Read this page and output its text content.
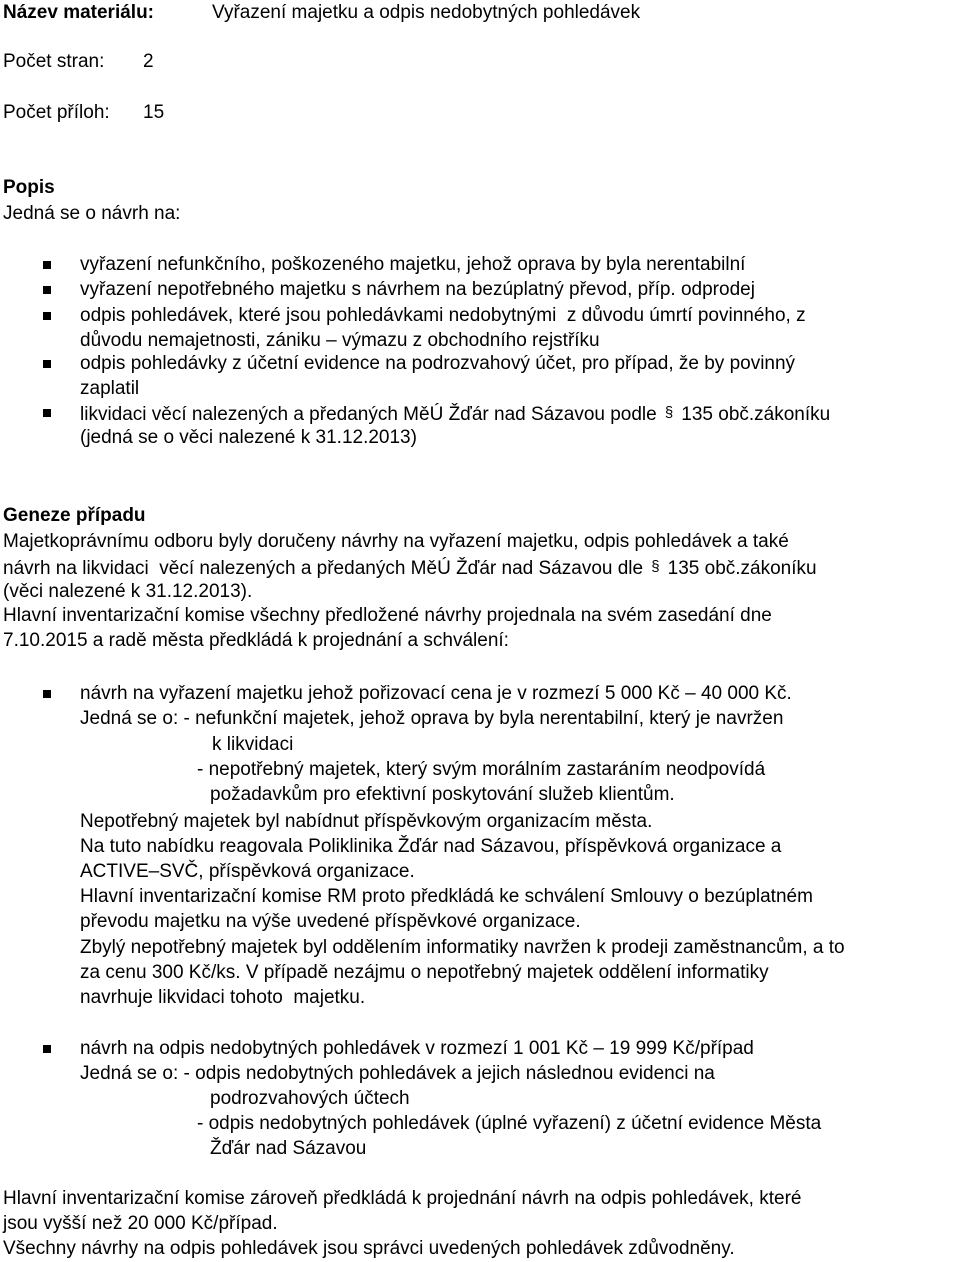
Název materiálu:	Vyřazení majetku a odpis nedobytných pohledávek
Počet stran: 2
Počet příloh: 15
Popis
Jedná se o návrh na:
vyřazení nefunkčního, poškozeného majetku, jehož oprava by byla nerentabilní
vyřazení nepotřebného majetku s návrhem na bezúplatný převod, příp. odprodej
odpis pohledávek, které jsou pohledávkami nedobytnými  z důvodu úmrtí povinného, z
důvodu nemajetnosti, zániku – výmazu z obchodního rejstříku
odpis pohledávky z účetní evidence na podrozvahový účet, pro případ, že by povinný
zaplatil
likvidaci věcí nalezených a předaných MěÚ Žďár nad Sázavou podle § 135 obč.zákoníku
(jedná se o věci nalezené k 31.12.2013)
Geneze případu
Majetkoprávnímu odboru byly doručeny návrhy na vyřazení majetku, odpis pohledávek a také
návrh na likvidaci  věcí nalezených a předaných MěÚ Žďár nad Sázavou dle § 135 obč.zákoníku
(věci nalezené k 31.12.2013).
Hlavní inventarizační komise všechny předložené návrhy projednala na svém zasedání dne
7.10.2015 a radě města předkládá k projednání a schválení:
návrh na vyřazení majetku jehož pořizovací cena je v rozmezí 5 000 Kč – 40 000 Kč.
Jedná se o: - nefunkční majetek, jehož oprava by byla nerentabilní, který je navržen
k likvidaci
- nepotřebný majetek, který svým morálním zastaráním neodpovídá
požadavkům pro efektivní poskytování služeb klientům.
Nepotřebný majetek byl nabídnut příspěvkovým organizacím města.
Na tuto nabídku reagovala Poliklinika Žďár nad Sázavou, příspěvková organizace a
ACTIVE–SVČ, příspěvková organizace.
Hlavní inventarizační komise RM proto předkládá ke schválení Smlouvy o bezúplatném
převodu majetku na výše uvedené příspěvkové organizace.
Zbylý nepotřebný majetek byl oddělením informatiky navržen k prodeji zaměstnancům, a to
za cenu 300 Kč/ks. V případě nezájmu o nepotřebný majetek oddělení informatiky
navrhuje likvidaci tohoto  majetku.
návrh na odpis nedobytných pohledávek v rozmezí 1 001 Kč – 19 999 Kč/případ
Jedná se o: - odpis nedobytných pohledávek a jejich následnou evidenci na
podrozvahových účtech
- odpis nedobytných pohledávek (úplné vyřazení) z účetní evidence Města
Žďár nad Sázavou
Hlavní inventarizační komise zároveň předkládá k projednání návrh na odpis pohledávek, které
jsou vyšší než 20 000 Kč/případ.
Všechny návrhy na odpis pohledávek jsou správci uvedených pohledávek zdůvodněny.
